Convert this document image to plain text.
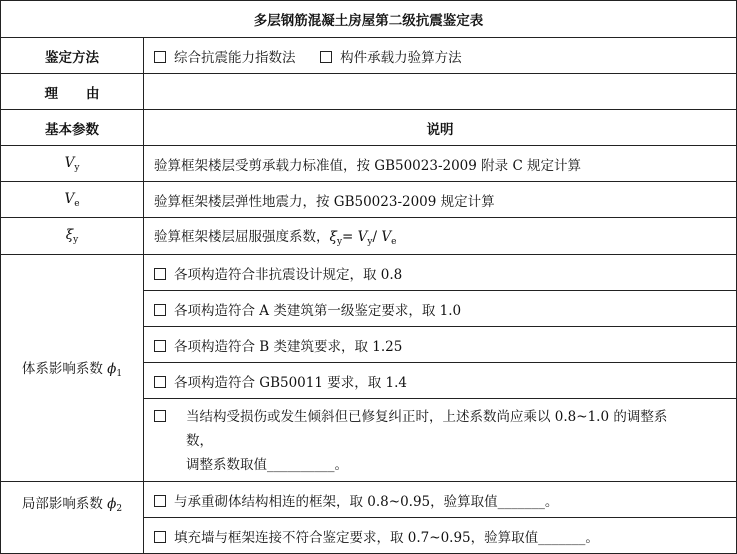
多层钢筋混凝土房屋第二级抗震鉴定表	
鉴定方法	综合抗震能力指数法 构件承载力验算方法
理由	
基本参数	说明
$V_y$	验算框架楼层受剪承载力标准值，按 GB50023-2009 附录 C 规定计算
$V_e$	验算框架楼层弹性地震力，按 GB50023-2009 规定计算
$\xi_y$	验算框架楼层屈服强度系数，$\xi_y= V_y/$ $V_e$
体系影响系数 $\phi_1$	各项构造符合非抗震设计规定，取 0.8
	各项构造符合 A 类建筑第一级鉴定要求，取 1.0
	各项构造符合 B 类建筑要求，取 1.25
	各项构造符合 GB50011 要求，取 1.4

	当结构受损伤或发生倾斜但已修复纠正时，上述系数尚应乘以 0.8~1.0 的调整系
数，
调整系数取值__________。

局部影响系数 $\phi_2$	与承重砌体结构相连的框架，取 0.8~0.95，验算取值_______。
	填充墙与框架连接不符合鉴定要求，取 0.7~0.95，验算取值_______。
